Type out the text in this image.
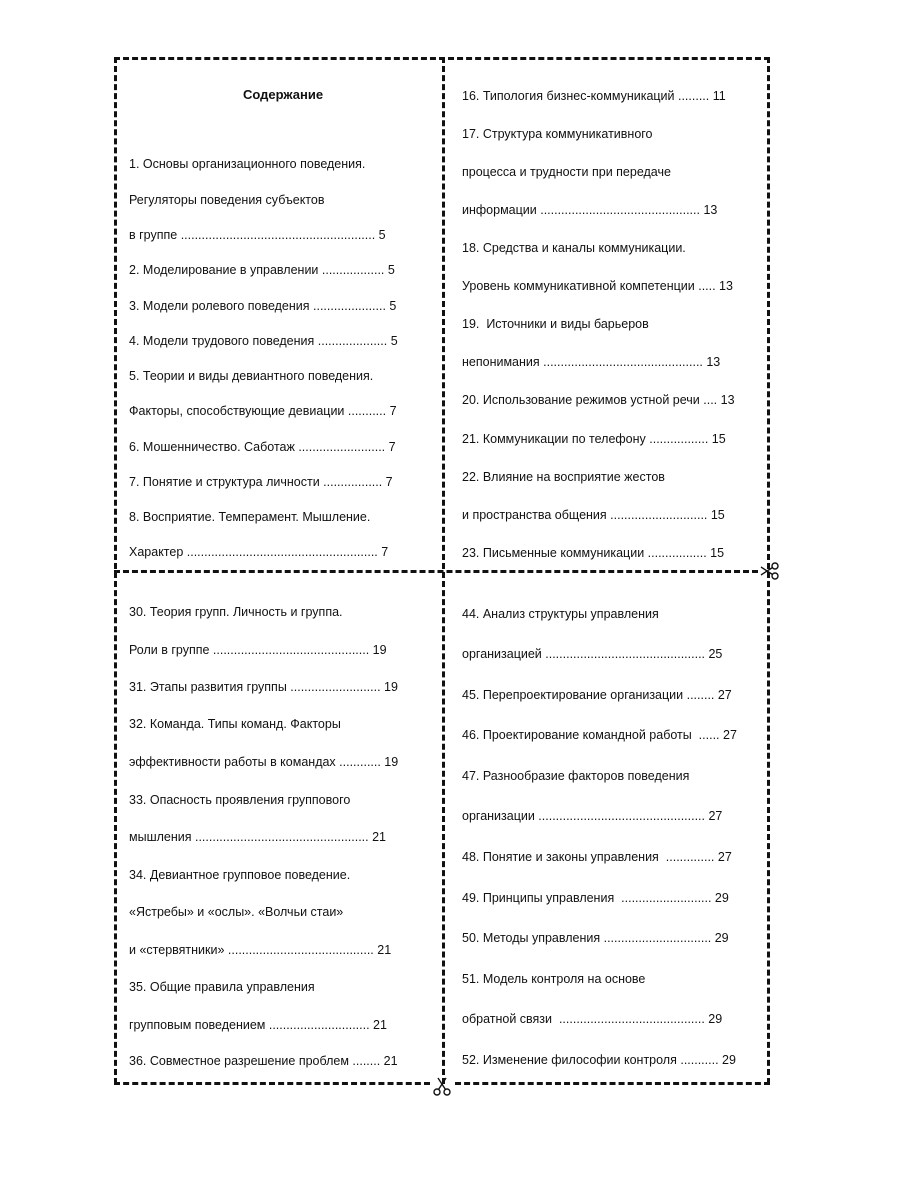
Содержание
1. Основы организационного поведения.
Регуляторы поведения субъектов
в группе ........................................................ 5
2. Моделирование в управлении .................. 5
3. Модели ролевого поведения ..................... 5
4. Модели трудового поведения .................... 5
5. Теории и виды девиантного поведения.
Факторы, способствующие девиации ........... 7
6. Мошенничество. Саботаж ......................... 7
7. Понятие и структура личности ................. 7
8. Восприятие. Темперамент. Мышление.
Характер ....................................................... 7
16. Типология бизнес-коммуникаций ......... 11
17. Структура коммуникативного
процесса и трудности при передаче
информации .............................................. 13
18. Средства и каналы коммуникации.
Уровень коммуникативной компетенции ..... 13
19.  Источники и виды барьеров
непонимания .............................................. 13
20. Использование режимов устной речи .... 13
21. Коммуникации по телефону ................. 15
22. Влияние на восприятие жестов
и пространства общения ............................ 15
23. Письменные коммуникации ................. 15
30. Теория групп. Личность и группа.
Роли в группе ............................................. 19
31. Этапы развития группы .......................... 19
32. Команда. Типы команд. Факторы
эффективности работы в командах ............ 19
33. Опасность проявления группового
мышления .................................................. 21
34. Девиантное групповое поведение.
«Ястребы» и «ослы». «Волчьи стаи»
и «стервятники» .......................................... 21
35. Общие правила управления
групповым поведением ............................. 21
36. Совместное разрешение проблем ........ 21
44. Анализ структуры управления
организацией .............................................. 25
45. Перепроектирование организации ........ 27
46. Проектирование командной работы  ...... 27
47. Разнообразие факторов поведения
организации ................................................ 27
48. Понятие и законы управления  .............. 27
49. Принципы управления  .......................... 29
50. Методы управления ............................... 29
51. Модель контроля на основе
обратной связи  .......................................... 29
52. Изменение философии контроля ........... 29
